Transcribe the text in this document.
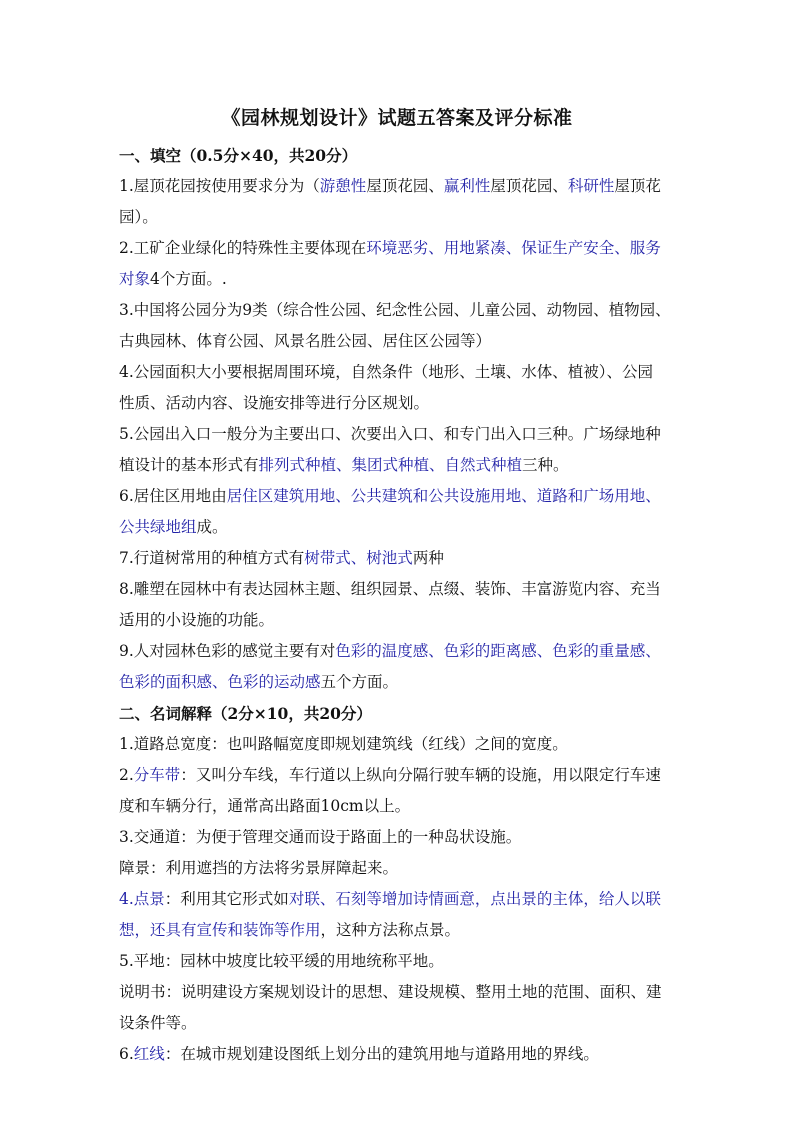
《园林规划设计》试题五答案及评分标准
一、填空（0.5分×40，共20分）
1.屋顶花园按使用要求分为（游憩性屋顶花园、赢利性屋顶花园、科研性屋顶花
园）。
2.工矿企业绿化的特殊性主要体现在环境恶劣、用地紧凑、保证生产安全、服务
对象4个方面。.
3.中国将公园分为9类（综合性公园、纪念性公园、儿童公园、动物园、植物园、
古典园林、体育公园、风景名胜公园、居住区公园等）
4.公园面积大小要根据周围环境，自然条件（地形、土壤、水体、植被）、公园
性质、活动内容、设施安排等进行分区规划。
5.公园出入口一般分为主要出口、次要出入口、和专门出入口三种。广场绿地种
植设计的基本形式有排列式种植、集团式种植、自然式种植三种。
6.居住区用地由居住区建筑用地、公共建筑和公共设施用地、道路和广场用地、
公共绿地组成。
7.行道树常用的种植方式有树带式、树池式两种
8.雕塑在园林中有表达园林主题、组织园景、点缀、装饰、丰富游览内容、充当
适用的小设施的功能。
9.人对园林色彩的感觉主要有对色彩的温度感、色彩的距离感、色彩的重量感、
色彩的面积感、色彩的运动感五个方面。
二、名词解释（2分×10，共20分）
1.道路总宽度：也叫路幅宽度即规划建筑线（红线）之间的宽度。
2.分车带：又叫分车线，车行道以上纵向分隔行驶车辆的设施，用以限定行车速
度和车辆分行，通常高出路面10cm以上。
3.交通道：为便于管理交通而设于路面上的一种岛状设施。
障景：利用遮挡的方法将劣景屏障起来。
4.点景：利用其它形式如对联、石刻等增加诗情画意，点出景的主体，给人以联
想，还具有宣传和装饰等作用，这种方法称点景。
5.平地：园林中坡度比较平缓的用地统称平地。
说明书：说明建设方案规划设计的思想、建设规模、整用土地的范围、面积、建
设条件等。
6.红线：在城市规划建设图纸上划分出的建筑用地与道路用地的界线。
